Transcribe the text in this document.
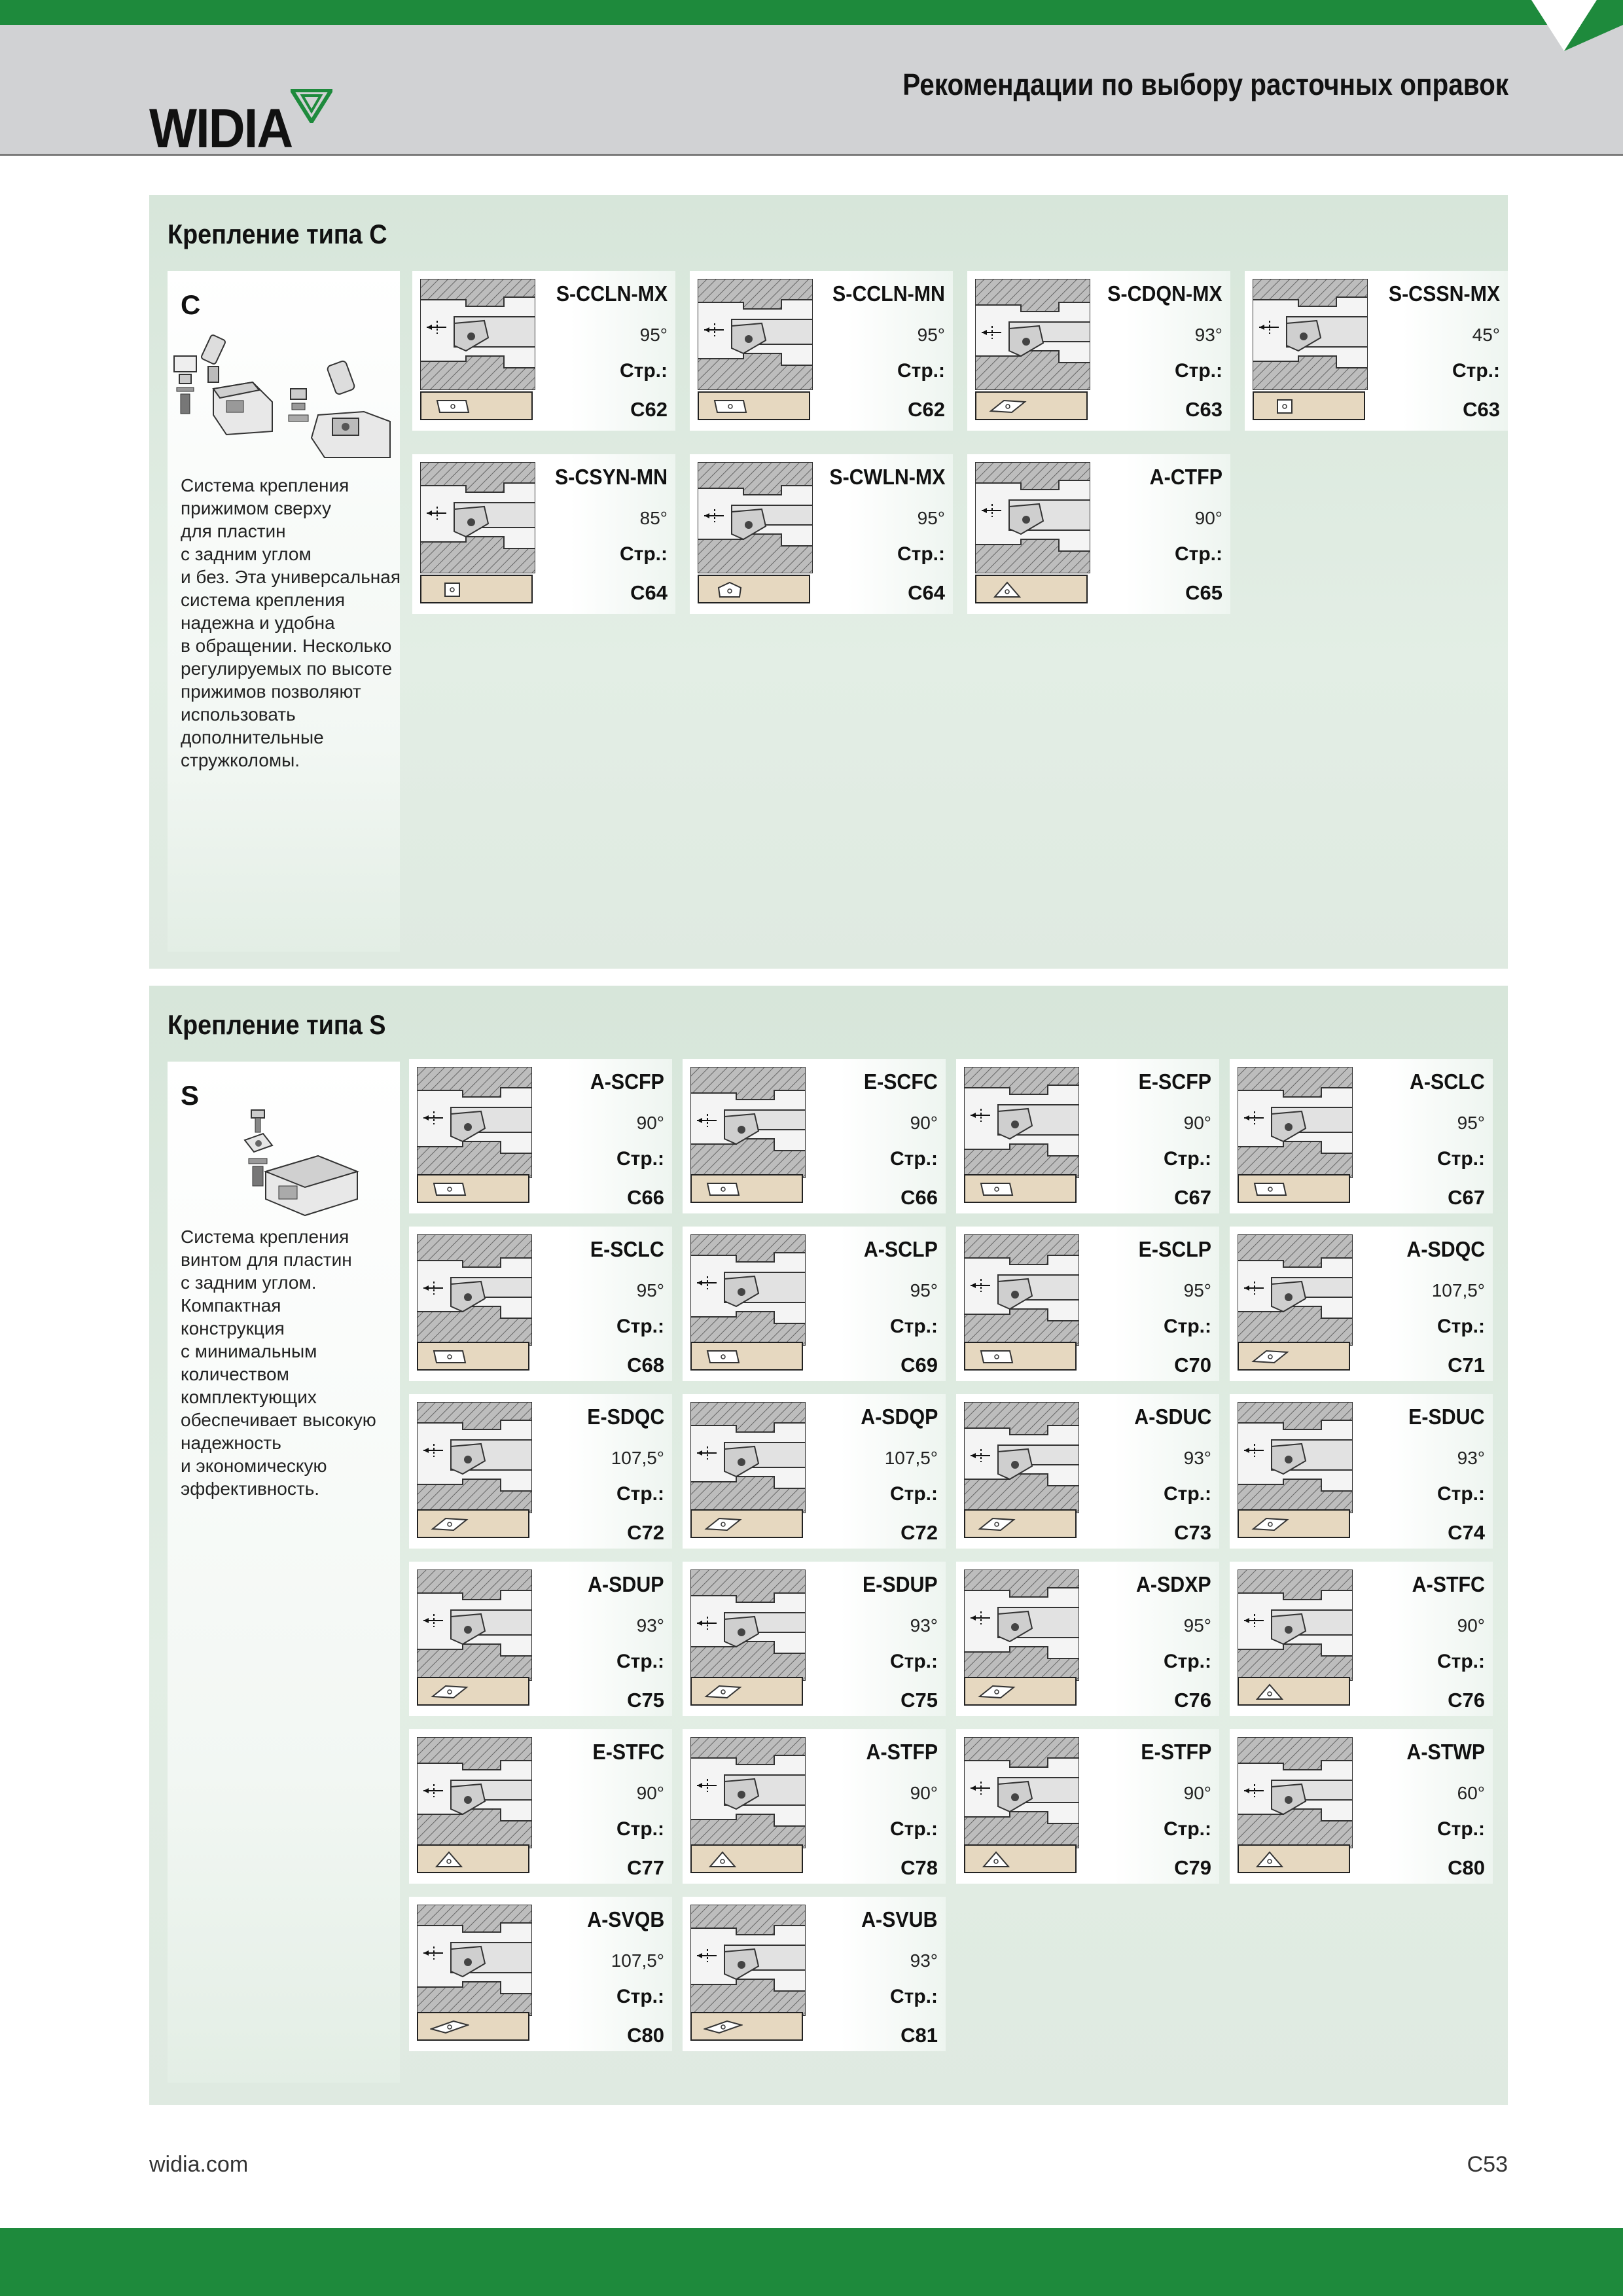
WIDIA
Рекомендации по выбору расточных оправок
Крепление типа C
C
Система крепления
прижимом сверху
для пластин
с задним углом
и без. Эта универсальная
система крепления
надежна и удобна
в обращении. Несколько
регулируемых по высоте
прижимов позволяют
использовать
дополнительные
стружколомы.
S-CCLN-MX
95°
Стр.:
C62
S-CCLN-MN
95°
Стр.:
C62
S-CDQN-MX
93°
Стр.:
C63
S-CSSN-MX
45°
Стр.:
C63
S-CSYN-MN
85°
Стр.:
C64
S-CWLN-MX
95°
Стр.:
C64
A-CTFP
90°
Стр.:
C65
Крепление типа S
S
Система крепления
винтом для пластин
с задним углом.
Компактная
конструкция
с минимальным
количеством
комплектующих
обеспечивает высокую
надежность
и экономическую
эффективность.
A-SCFP
90°
Стр.:
C66
E-SCFC
90°
Стр.:
C66
E-SCFP
90°
Стр.:
C67
A-SCLC
95°
Стр.:
C67
E-SCLC
95°
Стр.:
C68
A-SCLP
95°
Стр.:
C69
E-SCLP
95°
Стр.:
C70
A-SDQC
107,5°
Стр.:
C71
E-SDQC
107,5°
Стр.:
C72
A-SDQP
107,5°
Стр.:
C72
A-SDUC
93°
Стр.:
C73
E-SDUC
93°
Стр.:
C74
A-SDUP
93°
Стр.:
C75
E-SDUP
93°
Стр.:
C75
A-SDXP
95°
Стр.:
C76
A-STFC
90°
Стр.:
C76
E-STFC
90°
Стр.:
C77
A-STFP
90°
Стр.:
C78
E-STFP
90°
Стр.:
C79
A-STWP
60°
Стр.:
C80
A-SVQB
107,5°
Стр.:
C80
A-SVUB
93°
Стр.:
C81
widia.com	C53
